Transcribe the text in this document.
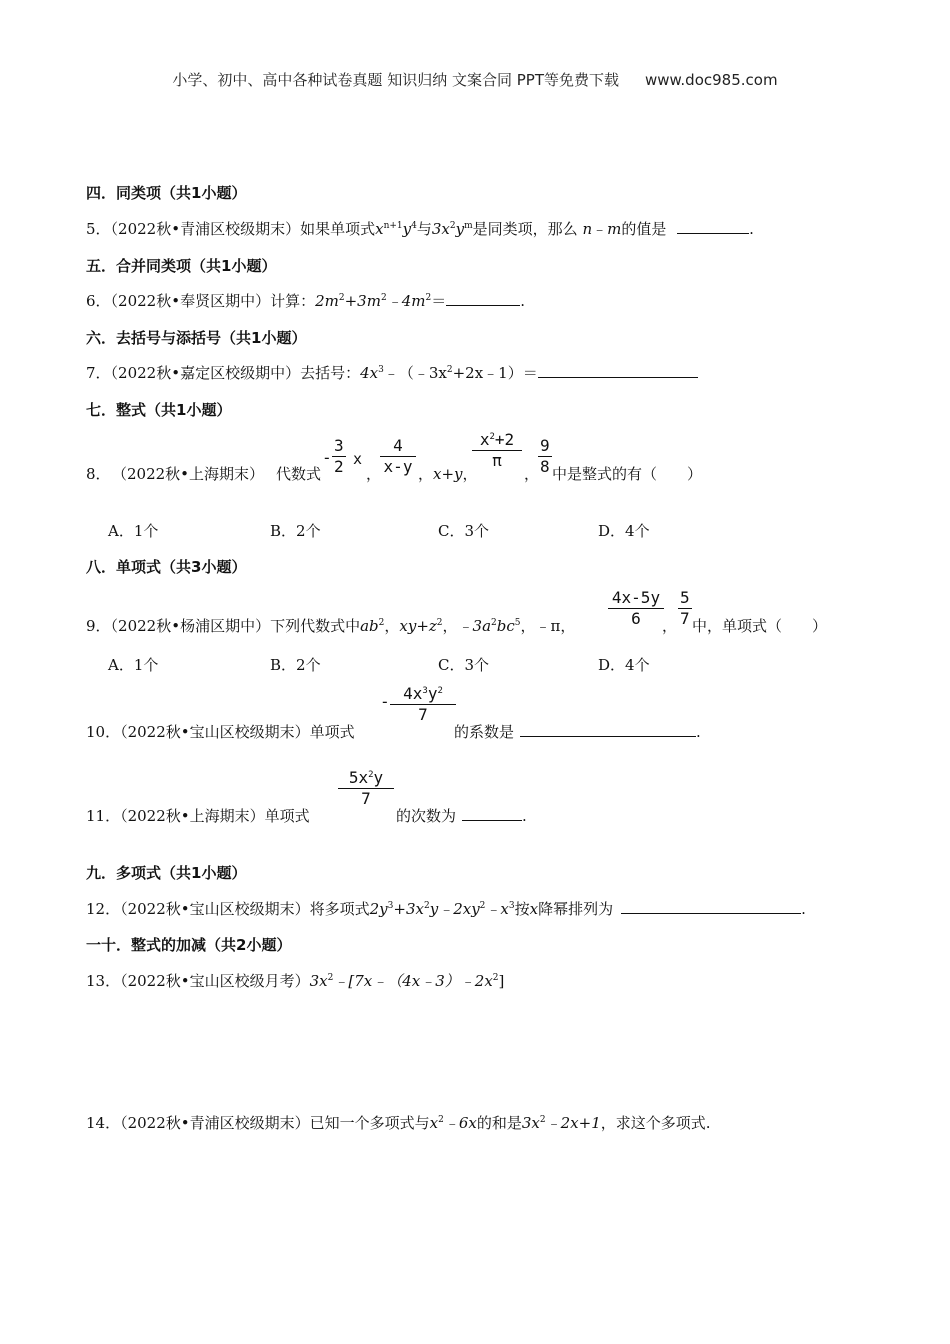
小学、初中、高中各种试卷真题 知识归纳 文案合同 PPT等免费下载 www.doc985.com
四．同类项（共1小题）
5．（2022秋•青浦区校级期末）如果单项式$x^{n+1}y^4$与$3x^2y^m$是同类项，那么 n﹣m的值是	.
五．合并同类项（共1小题）
6．（2022秋•奉贤区期中）计算：$2m^2+3m^2﹣4m^2=$	.
六．去括号与添括号（共1小题）
7．（2022秋•嘉定区校级期中）去括号：$4x^3﹣(﹣3x^2+2x﹣1)=$
七．整式（共1小题）
8． （2022秋•上海期末） 代数式
- $\frac{3}{2}$ x
，
$\frac{4}{x-y}$ ，x+y，
$\frac{x^2+2}{\pi}$
，
$\frac{9}{8}$ 中是整式的有（ ）
A．1个	B．2个	C．3个	D．4个
八．单项式（共3小题）
9．（2022秋•杨浦区期中）下列代数式中$ab^2$，$xy+z^2$，$﹣3a^2bc^5$，﹣π， $\frac{4x-5y}{6}$
， $\frac{5}{7}$ 中，单项式（ ）
A．1个	B．2个	C．3个	D．4个
10．（2022秋•宝山区校级期末）单项式
- $\frac{4x^3y^2}{7}$
的系数是	.
11．（2022秋•上海期末）单项式
$\frac{5x^2y}{7}$
的次数为	.
九．多项式（共1小题）
12．（2022秋•宝山区校级期末）将多项式$2y^3+3x^2y﹣2xy^2﹣x^3$按x降幂排列为	.
一十．整式的加减（共2小题）
13．（2022秋•宝山区校级月考）$3x^2﹣[7x﹣(4x﹣3)﹣2x^2]$
14．（2022秋•青浦区校级期末）已知一个多项式与$x^2﹣6x$的和是$3x^2﹣2x+1$，求这个多项式.
